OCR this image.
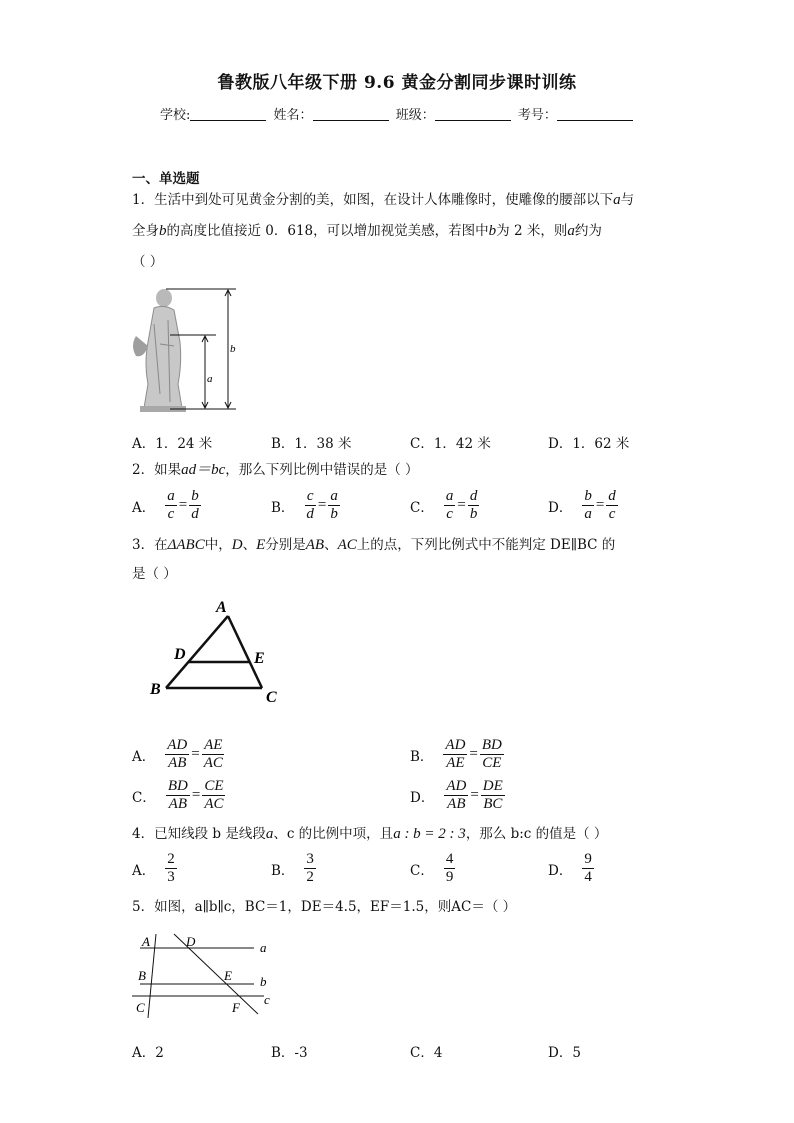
鲁教版八年级下册 9.6 黄金分割同步课时训练
学校:	姓名：	班级：	考号：
一、单选题
1．生活中到处可见黄金分割的美，如图，在设计人体雕像时，使雕像的腰部以下a与
全身b的高度比值接近 0．618，可以增加视觉美感，若图中b为 2 米，则a约为
（ ）
a
b
A．1．24 米	B．1．38 米	C．1．42 米	D．1．62 米
2．如果ad＝bc，那么下列比例中错误的是（ ）
A． $\frac{a}{c} = \frac{b}{d}$	B． $\frac{c}{d} = \frac{a}{b}$	C． $\frac{a}{c} = \frac{d}{b}$	D． $\frac{b}{a} = \frac{d}{c}$
3．在ΔABC中，D、E分别是AB、AC上的点，下列比例式中不能判定 DE∥BC 的
是（ ）
A
D	E
B	C
A． $\frac{AD}{AB} = \frac{AE}{AC}$	B． $\frac{AD}{AE} = \frac{BD}{CE}$
C． $\frac{BD}{AB} = \frac{CE}{AC}$	D． $\frac{AD}{AB} = \frac{DE}{BC}$
4．已知线段 b 是线段a、c 的比例中项，且a : b = 2 : 3，那么 b:c 的值是（ ）
A． $\frac{2}{3}$	B． $\frac{3}{2}$	C． $\frac{4}{9}$	D． $\frac{9}{4}$
5．如图，a∥b∥c，BC＝1，DE＝4.5，EF＝1.5，则AC＝（ ）
A	D	a
B	E b
C	F
c
A．2	B．-3	C．4	D．5
